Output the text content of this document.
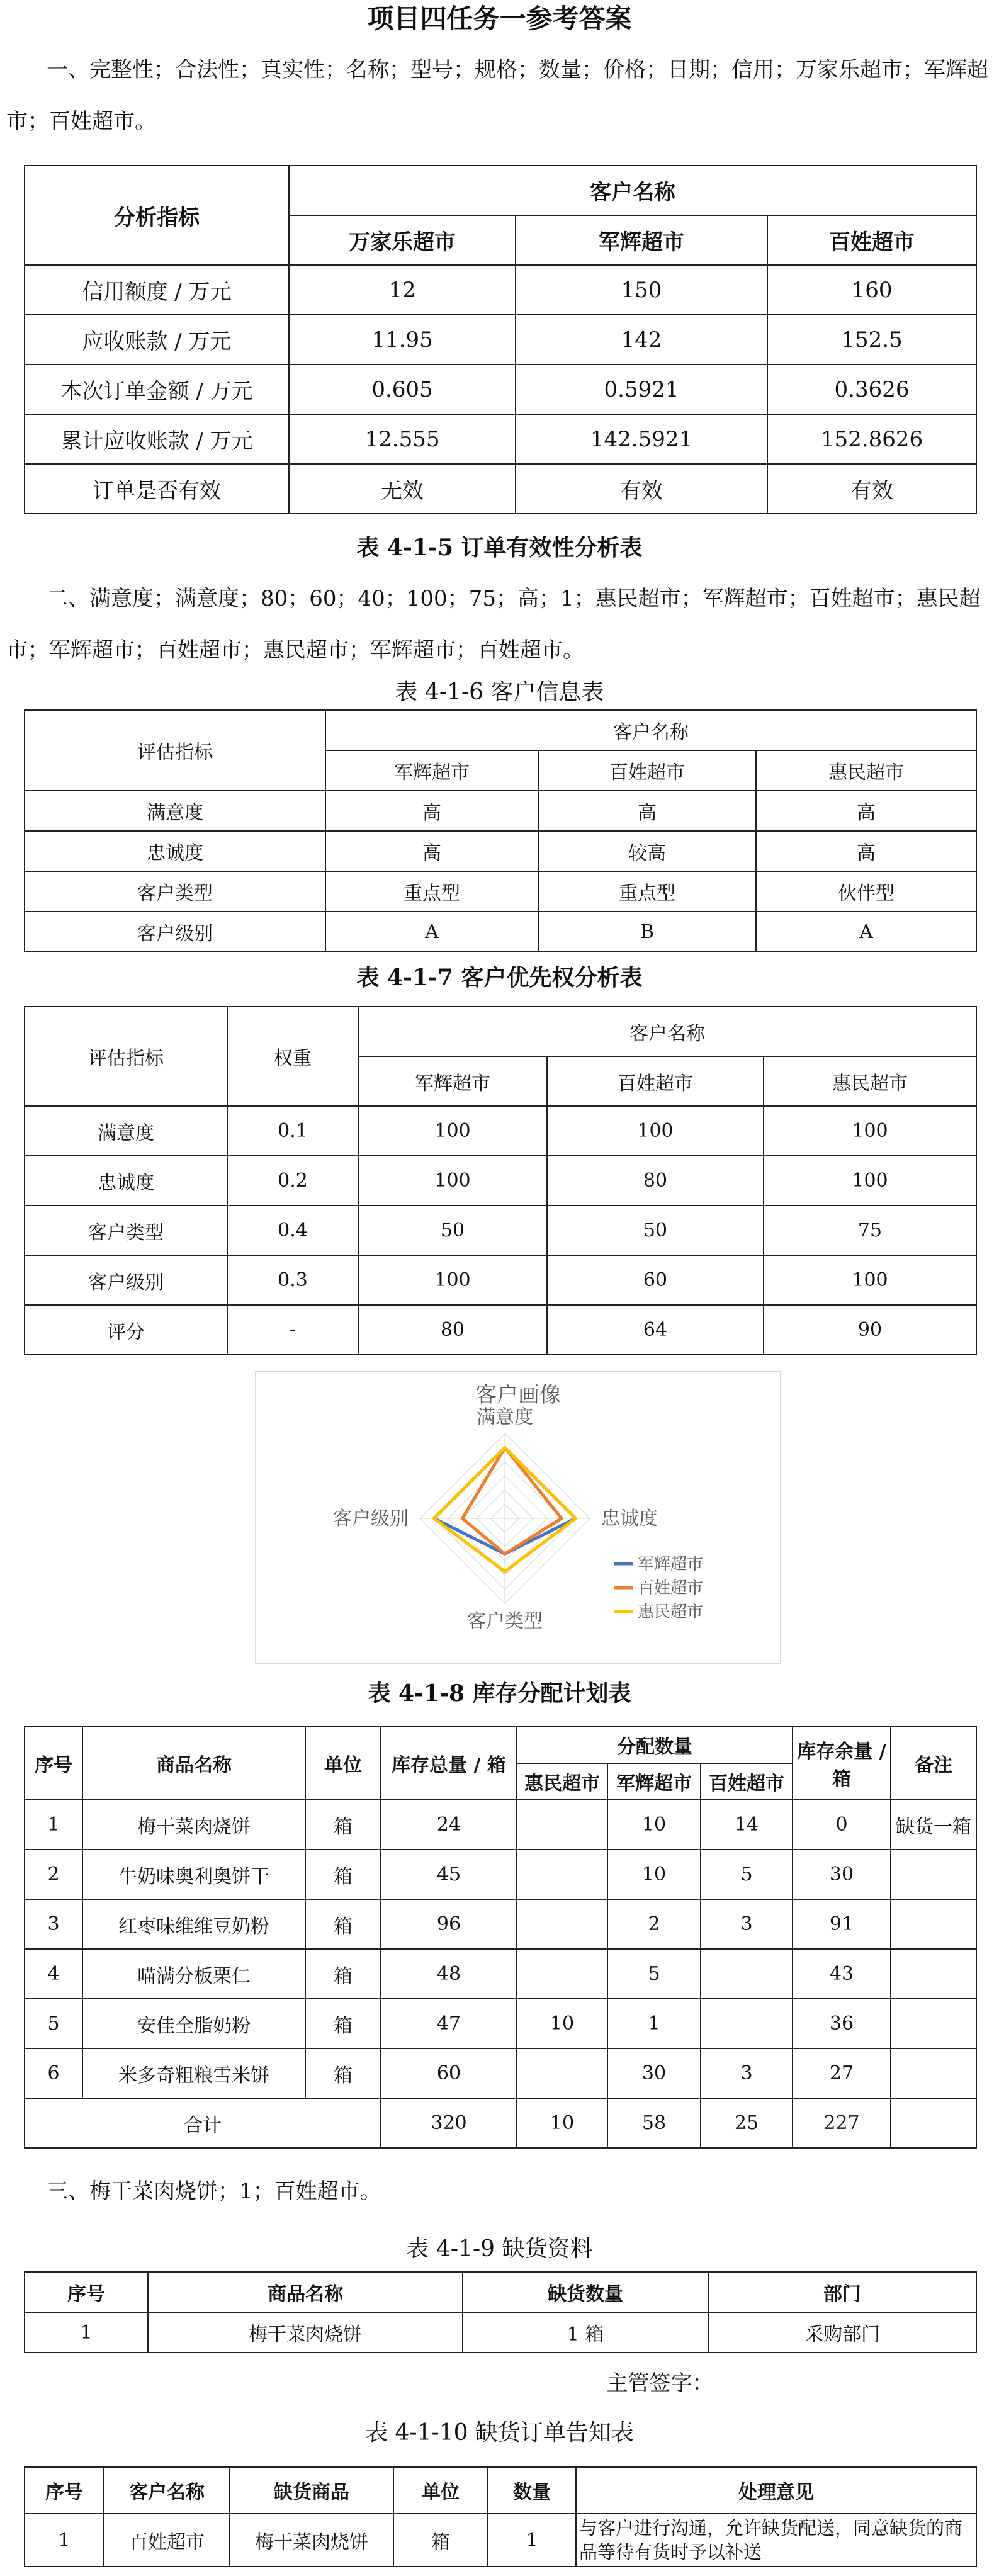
项目四任务一参考答案
一、完整性；合法性；真实性；名称；型号；规格；数量；价格；日期；信用；万家乐超市；军辉超市；百姓超市。
分析指标	客户名称		
	万家乐超市	军辉超市	百姓超市
信用额度 / 万元	12	150	160
应收账款 / 万元	11.95	142	152.5
本次订单金额 / 万元	0.605	0.5921	0.3626
累计应收账款 / 万元	12.555	142.5921	152.8626
订单是否有效	无效	有效	有效
表 4-1-5 订单有效性分析表
二、满意度；满意度；80；60；40；100；75；高；1；惠民超市；军辉超市；百姓超市；惠民超市；军辉超市；百姓超市；惠民超市；军辉超市；百姓超市。
表 4-1-6 客户信息表
评估指标	客户名称		
	军辉超市	百姓超市	惠民超市
满意度	高	高	高
忠诚度	高	较高	高
客户类型	重点型	重点型	伙伴型
客户级别	A	B	A
表 4-1-7 客户优先权分析表
评估指标	权重	客户名称		
		军辉超市	百姓超市	惠民超市
满意度	0.1	100	100	100
忠诚度	0.2	100	80	100
客户类型	0.4	50	50	75
客户级别	0.3	100	60	100
评分	-	80	64	90
客户画像
满意度
忠诚度
客户类型
客户级别
军辉超市
百姓超市
惠民超市
表 4-1-8 库存分配计划表
序号	商品名称	单位	库存总量 / 箱	分配数量			库存余量 / 箱	备注
				惠民超市	军辉超市	百姓超市		
1	梅干菜肉烧饼	箱	24		10	14	0	缺货一箱
2	牛奶味奥利奥饼干	箱	45		10	5	30	
3	红枣味维维豆奶粉	箱	96		2	3	91	
4	喵满分板栗仁	箱	48		5		43	
5	安佳全脂奶粉	箱	47	10	1		36	
6	米多奇粗粮雪米饼	箱	60		30	3	27	
合计			320	10	58	25	227	
三、梅干菜肉烧饼；1；百姓超市。
表 4-1-9 缺货资料
序号	商品名称	缺货数量	部门
1	梅干菜肉烧饼	1 箱	采购部门
主管签字：
表 4-1-10 缺货订单告知表
序号	客户名称	缺货商品	单位	数量	处理意见
1	百姓超市	梅干菜肉烧饼	箱	1	与客户进行沟通，允许缺货配送，同意缺货的商品等待有货时予以补送
